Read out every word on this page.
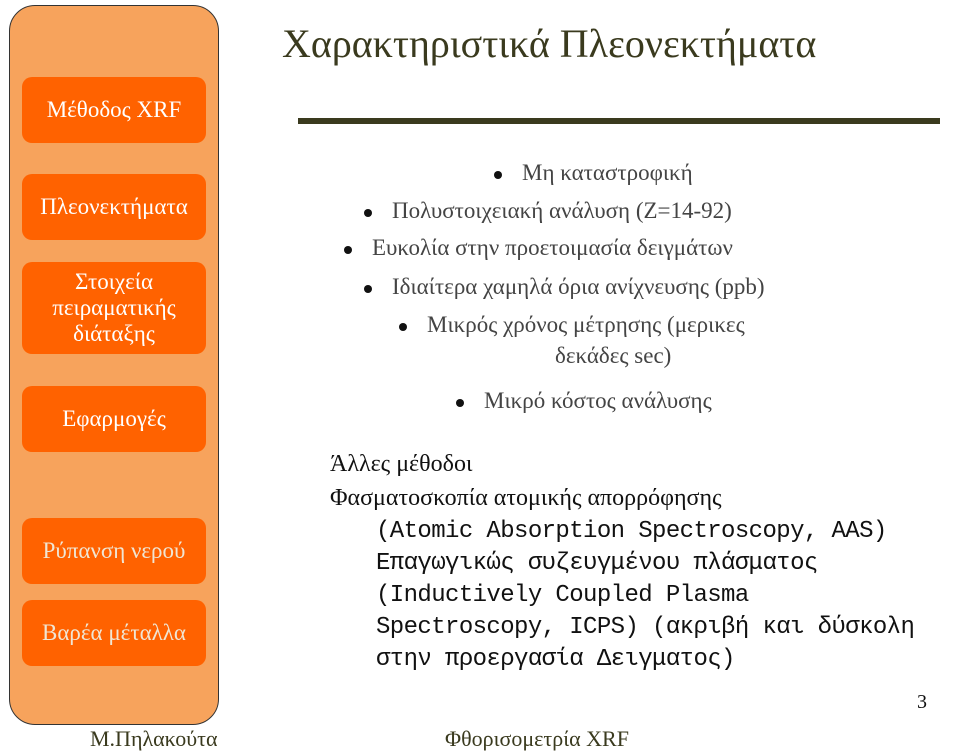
Μέθοδος XRF
Πλεονεκτήματα
Στοιχεία πειραματικής διάταξης
Εφαρμογές
Ρύπανση νερού
Βαρέα μέταλλα
Χαρακτηριστικά Πλεονεκτήματα
Μη καταστροφική
Πολυστοιχειακή ανάλυση (Z=14-92)
Ευκολία στην προετοιμασία δειγμάτων
Ιδιαίτερα χαμηλά όρια ανίχνευσης (ppb)
Μικρός χρόνος μέτρησης (μερικες
δεκάδες sec)
Μικρό κόστος ανάλυσης
Άλλες μέθοδοι
Φασματοσκοπία ατομικής απορρόφησης
(Atomic Absorption Spectroscopy, AAS)
Επαγωγικώς συζευγμένου πλάσματος
(Inductively Coupled Plasma
Spectroscopy, ICPS) (ακριβή και δύσκολη
στην προεργασία Δειγματος)
Μ.Πηλακούτα	Φθορισομετρία XRF
3
